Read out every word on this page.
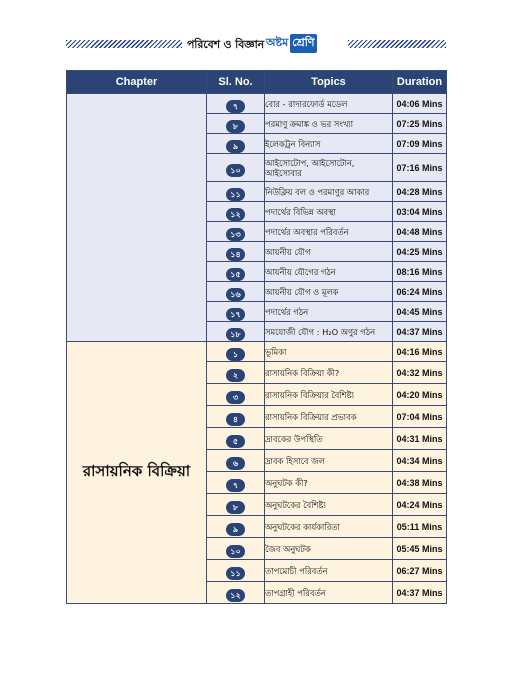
পরিবেশ ও বিজ্ঞান অষ্টম শ্রেণি
Chapter	Sl. No.	Topics	Duration
	৭	বোর - রাদারফোর্ড মডেল	04:06 Mins
	৮	পরমাণু ক্রমাঙ্ক ও ভর সংখ্যা	07:25 Mins
	৯	ইলেকট্রন বিন্যাস	07:09 Mins
	১০	আইসোটোপ, আইসোটোন, আইসোবার	07:16 Mins
	১১	নিউক্লিয় বল ও পরমাণুর আকার	04:28 Mins
	১২	পদার্থের বিভিন্ন অবস্থা	03:04 Mins
	১৩	পদার্থের অবস্থার পরিবর্তন	04:48 Mins
	১৪	আয়নীয় যৌগ	04:25 Mins
	১৫	আয়নীয় যৌগের গঠন	08:16 Mins
	১৬	আয়নীয় যৌগ ও মূলক	06:24 Mins
	১৭	পদার্থের গঠন	04:45 Mins
	১৮	সমযোজী যৌগ : H₂O অণুর গঠন	04:37 Mins
রাসায়নিক বিক্রিয়া	১	ভূমিকা	04:16 Mins
	২	রাসায়নিক বিক্রিয়া কী?	04:32 Mins
	৩	রাসায়নিক বিক্রিয়ার বৈশিষ্ট্য	04:20 Mins
	৪	রাসায়নিক বিক্রিয়ার প্রভাবক	07:04 Mins
	৫	দ্রাবকের উপস্থিতি	04:31 Mins
	৬	দ্রাবক হিসাবে জল	04:34 Mins
	৭	অনুঘটক কী?	04:38 Mins
	৮	অনুঘটকের বৈশিষ্ট্য	04:24 Mins
	৯	অনুঘটকের কার্যকারিতা	05:11 Mins
	১০	জৈব অনুঘটক	05:45 Mins
	১১	তাপমোচী পরিবর্তন	06:27 Mins
	১২	তাপগ্রাহী পরিবর্তন	04:37 Mins
